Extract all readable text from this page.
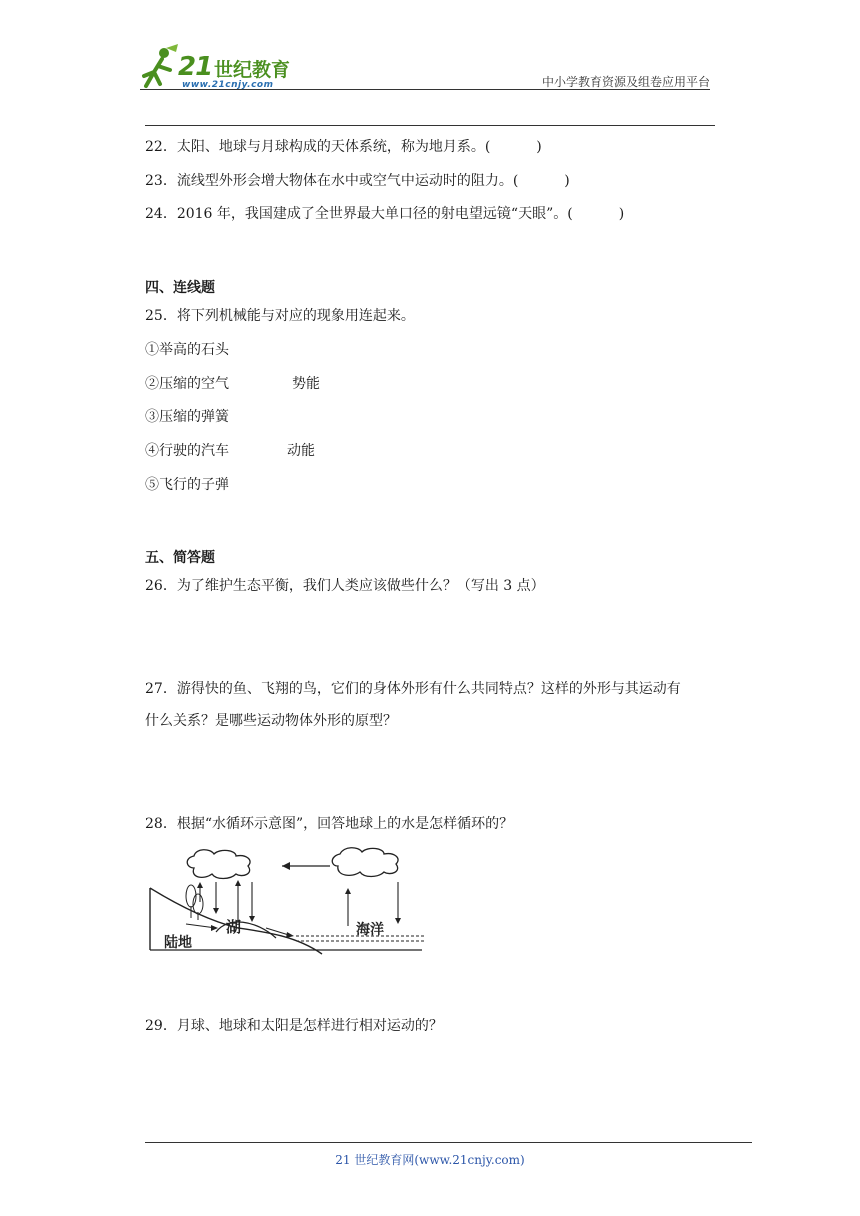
21 世纪教育
www.21cnjy.com	中小学教育资源及组卷应用平台
22．太阳、地球与月球构成的天体系统，称为地月系。(	)
23．流线型外形会增大物体在水中或空气中运动时的阻力。(	)
24．2016 年，我国建成了全世界最大单口径的射电望远镜“天眼”。(	)
四、连线题
25．将下列机械能与对应的现象用连起来。
①举高的石头
②压缩的空气
③压缩的弹簧
④行驶的汽车
⑤飞行的子弹
势能
动能
五、简答题
26．为了维护生态平衡，我们人类应该做些什么？（写出 3 点）
27．游得快的鱼、飞翔的鸟，它们的身体外形有什么共同特点？这样的外形与其运动有
什么关系？是哪些运动物体外形的原型？
28．根据“水循环示意图”，回答地球上的水是怎样循环的？
陆地
湖	海洋
29．月球、地球和太阳是怎样进行相对运动的？
21 世纪教育网(www.21cnjy.com)
